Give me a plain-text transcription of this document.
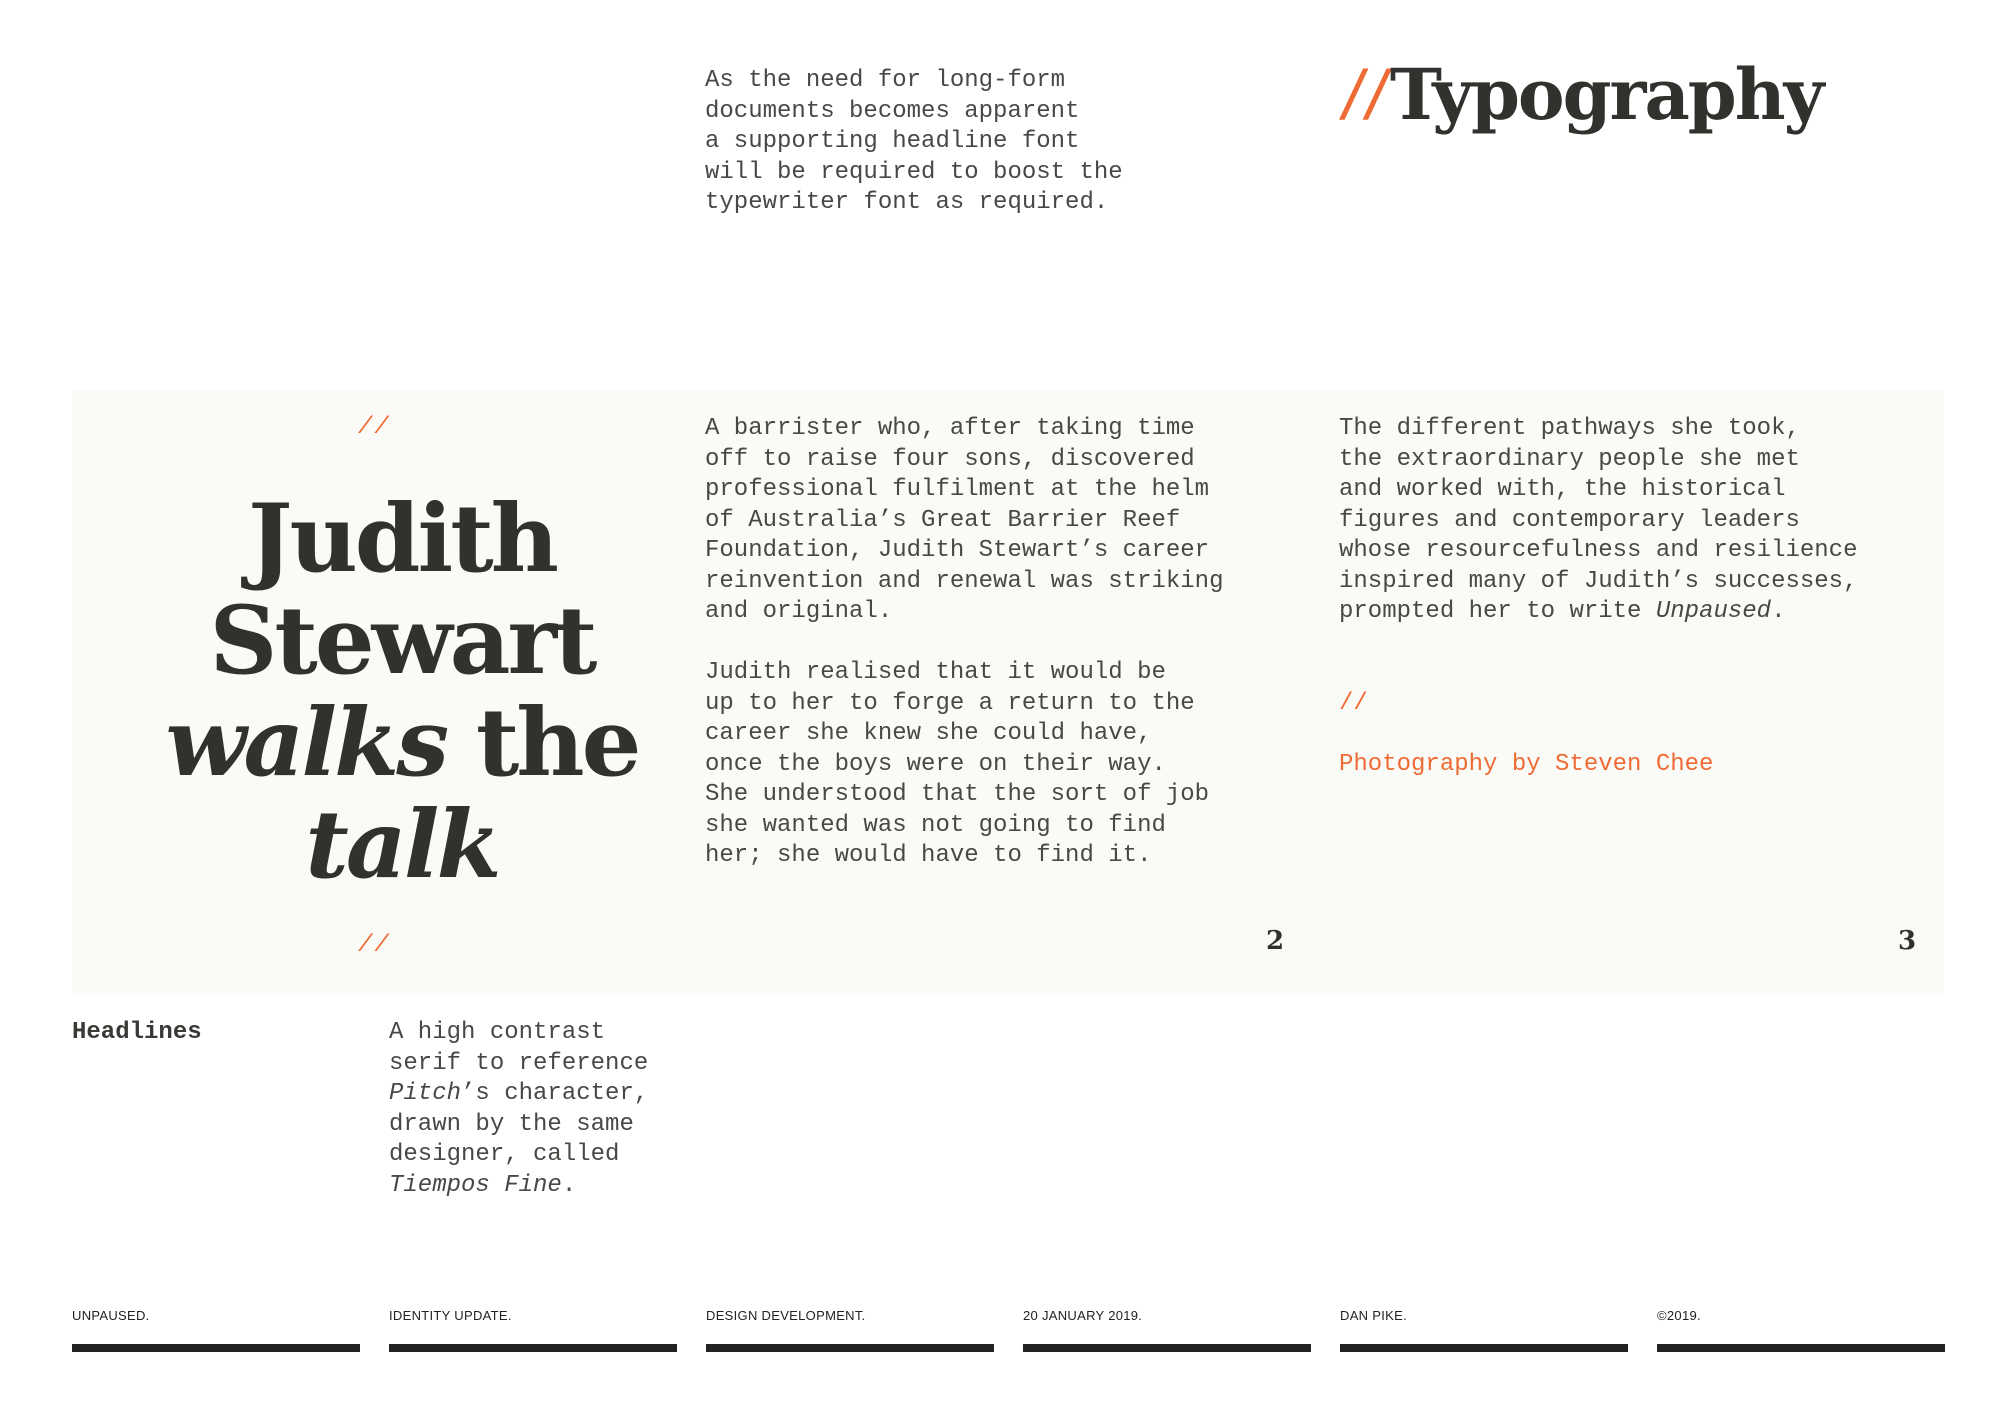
As the need for long-form
documents becomes apparent
a supporting headline font
will be required to boost the
typewriter font as required.
//Typography
//
Judith
Stewart
walks the
talk
//
A barrister who, after taking time
off to raise four sons, discovered
professional fulfilment at the helm
of Australia’s Great Barrier Reef
Foundation, Judith Stewart’s career
reinvention and renewal was striking
and original.
Judith realised that it would be
up to her to forge a return to the
career she knew she could have,
once the boys were on their way.
She understood that the sort of job
she wanted was not going to find
her; she would have to find it.
2
The different pathways she took,
the extraordinary people she met
and worked with, the historical
figures and contemporary leaders
whose resourcefulness and resilience
inspired many of Judith’s successes,
prompted her to write Unpaused.

//

Photography by Steven Chee

3
Headlines	A high contrast
serif to reference
Pitch’s character,
drawn by the same
designer, called
Tiempos Fine.
UNPAUSED.	IDENTITY UPDATE.	DESIGN DEVELOPMENT.	20 JANUARY 2019.	DAN PIKE.	©2019.
